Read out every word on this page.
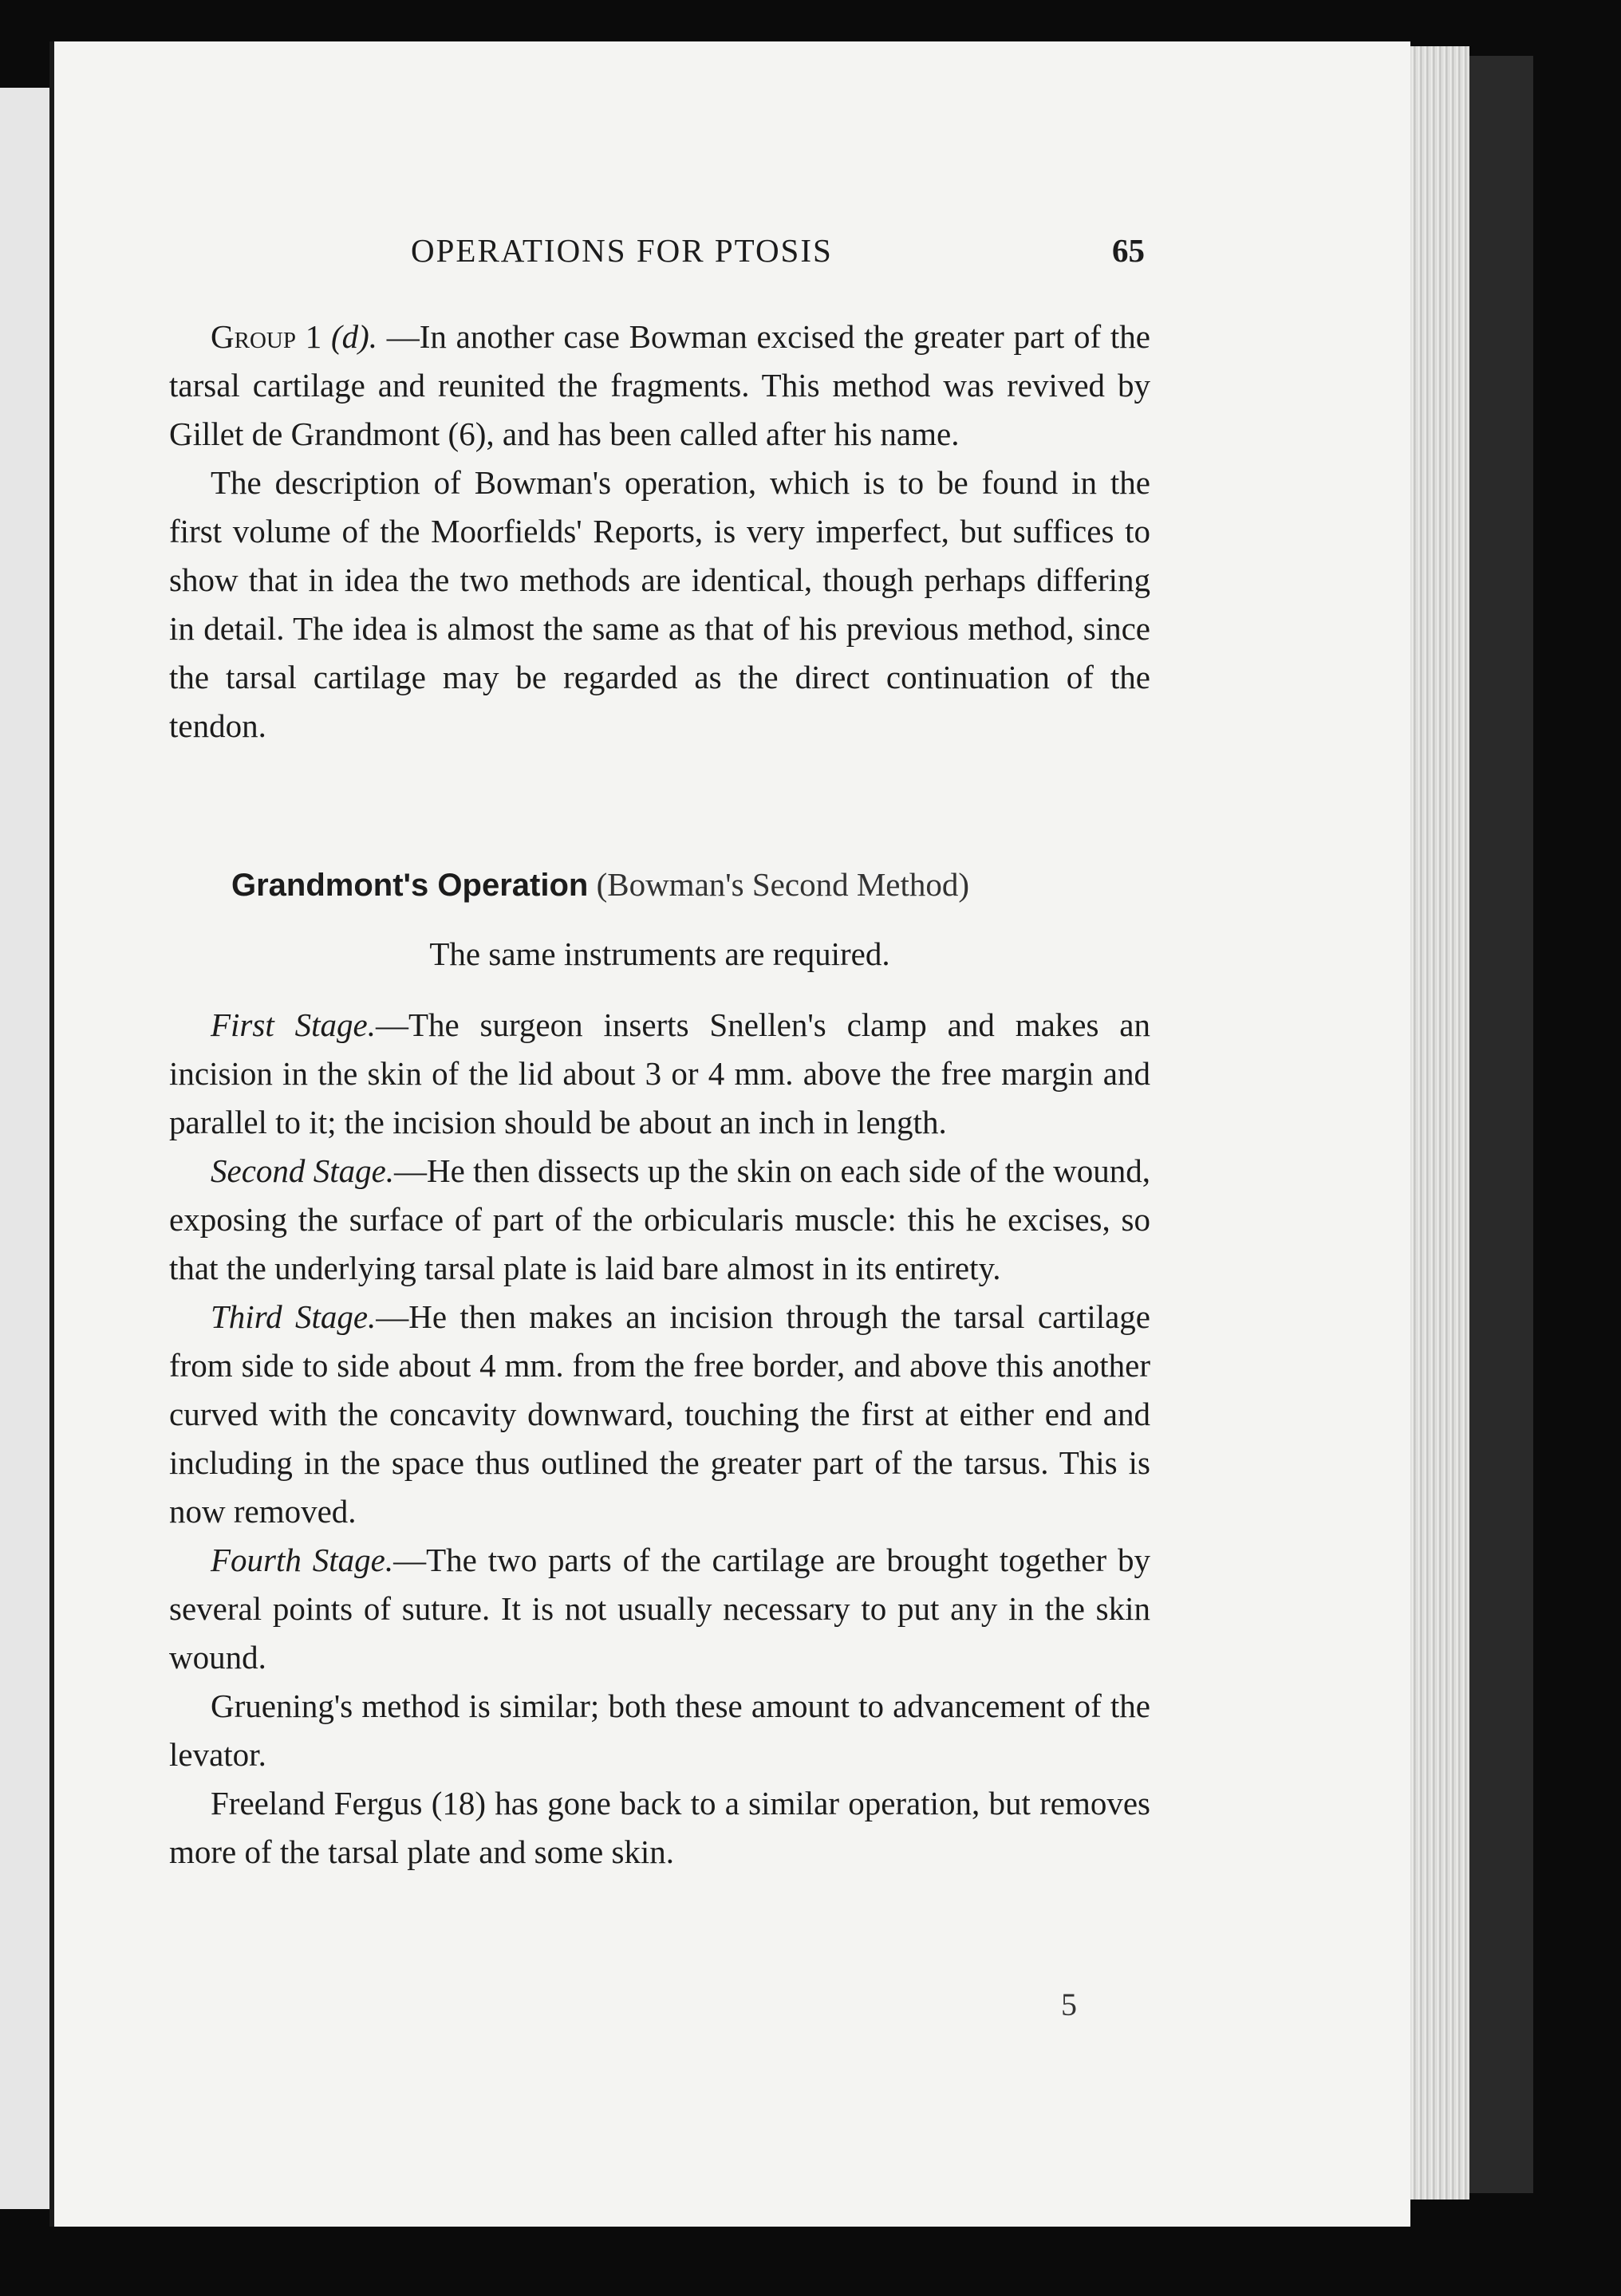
OPERATIONS FOR PTOSIS	65

Group 1 (d). —In another case Bowman excised the greater part of the tarsal cartilage and reunited the fragments. This method was revived by Gillet de Grandmont (6), and has been called after his name.

The description of Bowman's operation, which is to be found in the first volume of the Moorfields' Reports, is very imperfect, but suffices to show that in idea the two methods are identical, though perhaps differing in detail. The idea is almost the same as that of his previous method, since the tarsal cartilage may be regarded as the direct continuation of the tendon.

Grandmont's Operation (Bowman's Second Method)
The same instruments are required.

First Stage.—The surgeon inserts Snellen's clamp and makes an incision in the skin of the lid about 3 or 4 mm. above the free margin and parallel to it; the incision should be about an inch in length.

Second Stage.—He then dissects up the skin on each side of the wound, exposing the surface of part of the orbicularis muscle: this he excises, so that the underlying tarsal plate is laid bare almost in its entirety.

Third Stage.—He then makes an incision through the tarsal cartilage from side to side about 4 mm. from the free border, and above this another curved with the concavity downward, touching the first at either end and including in the space thus outlined the greater part of the tarsus. This is now removed.

Fourth Stage.—The two parts of the cartilage are brought together by several points of suture. It is not usually necessary to put any in the skin wound.

Gruening's method is similar; both these amount to advancement of the levator.

Freeland Fergus (18) has gone back to a similar operation, but removes more of the tarsal plate and some skin.

5
